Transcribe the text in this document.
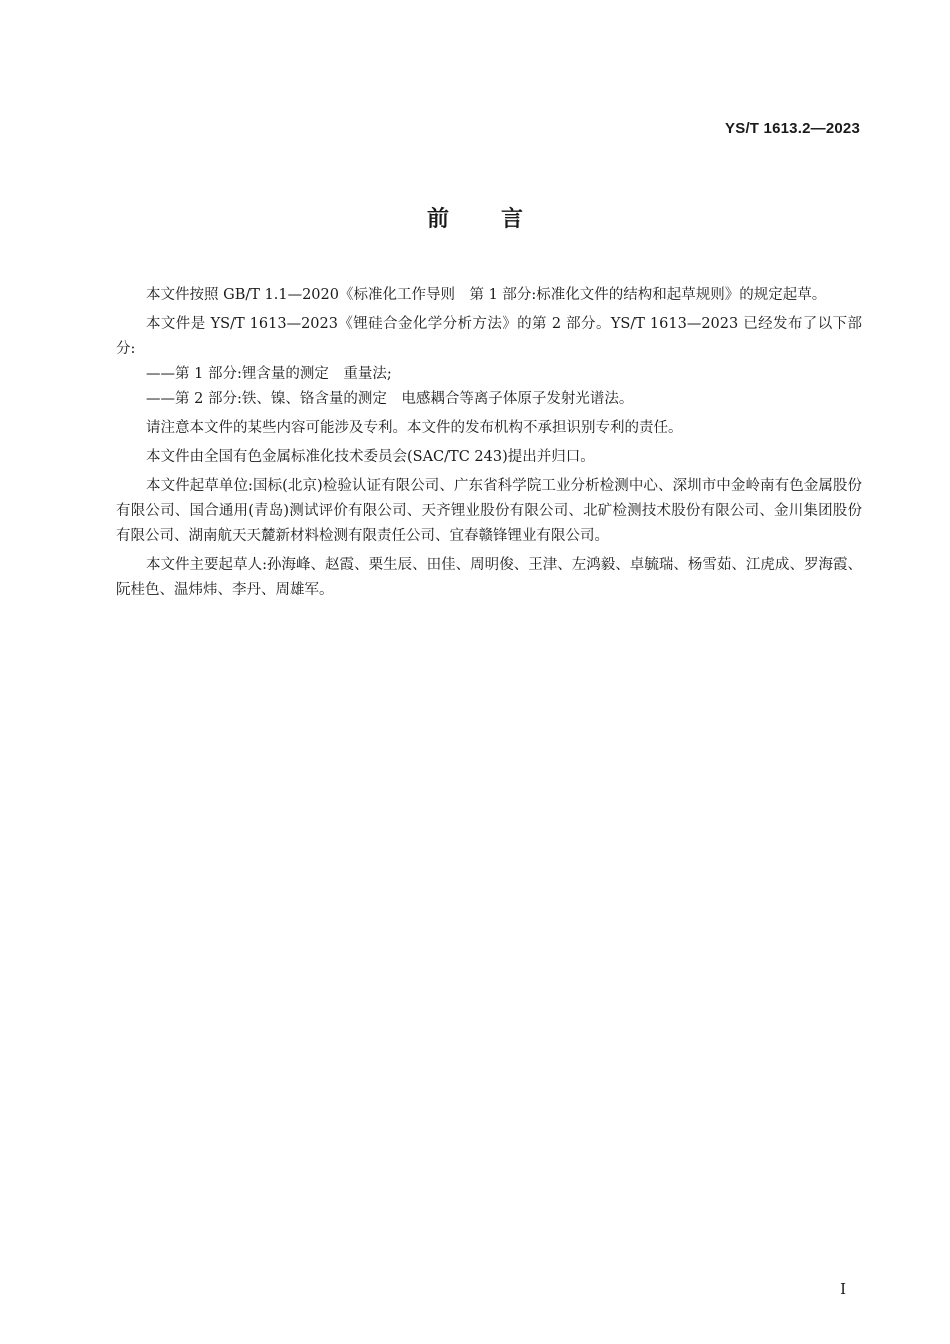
YS/T 1613.2—2023
前言

本文件按照 GB/T 1.1—2020《标准化工作导则　第 1 部分:标准化文件的结构和起草规则》的规定起草。

本文件是 YS/T 1613—2023《锂硅合金化学分析方法》的第 2 部分。YS/T 1613—2023 已经发布了以下部分:

——第 1 部分:锂含量的测定　重量法;

——第 2 部分:铁、镍、铬含量的测定　电感耦合等离子体原子发射光谱法。

请注意本文件的某些内容可能涉及专利。本文件的发布机构不承担识别专利的责任。

本文件由全国有色金属标准化技术委员会(SAC/TC 243)提出并归口。

本文件起草单位:国标(北京)检验认证有限公司、广东省科学院工业分析检测中心、深圳市中金岭南有色金属股份有限公司、国合通用(青岛)测试评价有限公司、天齐锂业股份有限公司、北矿检测技术股份有限公司、金川集团股份有限公司、湖南航天天麓新材料检测有限责任公司、宜春赣锋锂业有限公司。

本文件主要起草人:孙海峰、赵霞、栗生辰、田佳、周明俊、王津、左鸿毅、卓毓瑞、杨雪茹、江虎成、罗海霞、阮桂色、温炜炜、李丹、周雄军。

I
